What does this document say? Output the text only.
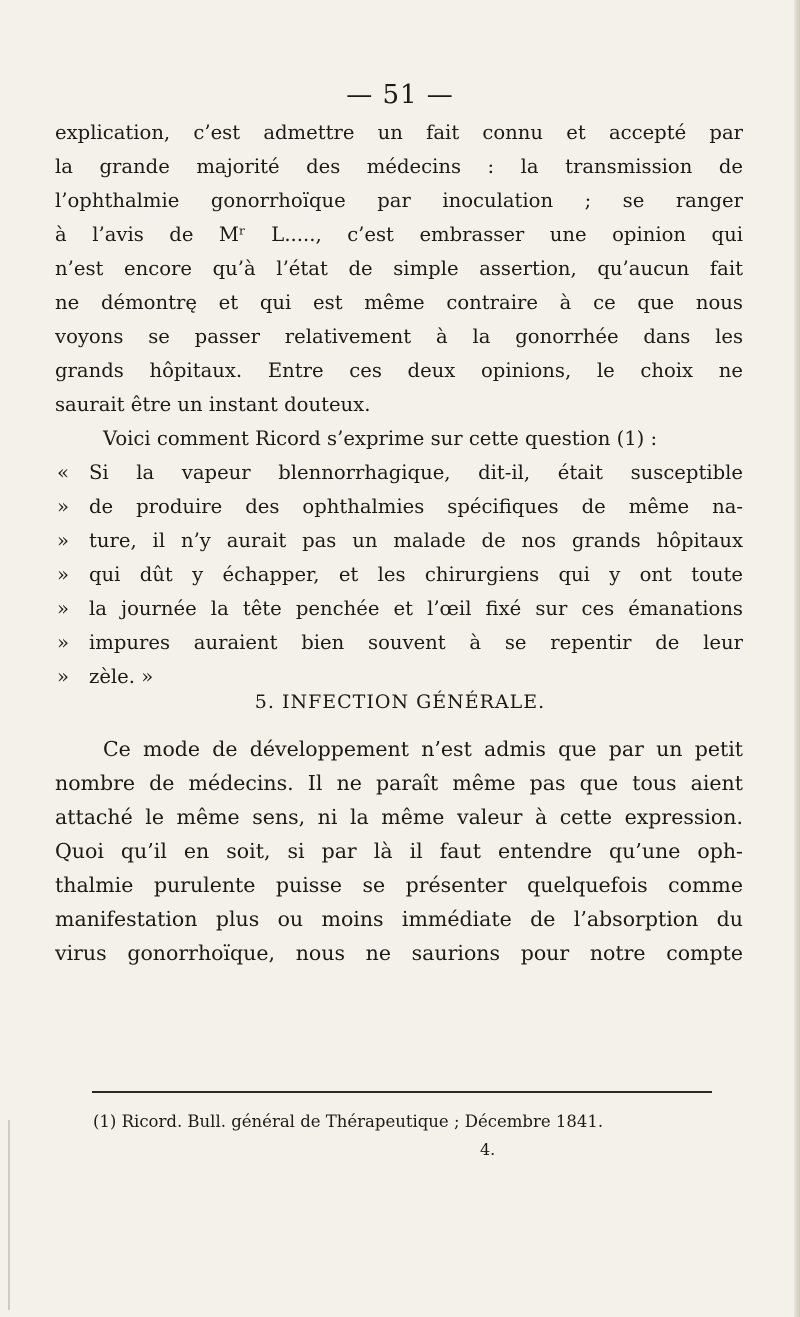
— 51 —
explication, c’est admettre un fait connu et accepté par
la grande majorité des médecins : la transmission de
l’ophthalmie gonorrhoïque par inoculation ; se ranger
à l’avis de Mʳ L....., c’est embrasser une opinion qui
n’est encore qu’à l’état de simple assertion, qu’aucun fait
ne démontrę et qui est même contraire à ce que nous
voyons se passer relativement à la gonorrhée dans les
grands hôpitaux. Entre ces deux opinions, le choix ne
saurait être un instant douteux.
Voici comment Ricord s’exprime sur cette question (1) :
« Si la vapeur blennorrhagique, dit-il, était susceptible
» de produire des ophthalmies spécifiques de même na-
» ture, il n’y aurait pas un malade de nos grands hôpitaux
» qui dût y échapper, et les chirurgiens qui y ont toute
» la journée la tête penchée et l’œil fixé sur ces émanations
» impures auraient bien souvent à se repentir de leur
» zèle. »
5. INFECTION GÉNÉRALE.
Ce mode de développement n’est admis que par un petit
nombre de médecins. Il ne paraît même pas que tous aient
attaché le même sens, ni la même valeur à cette expression.
Quoi qu’il en soit, si par là il faut entendre qu’une oph-
thalmie purulente puisse se présenter quelquefois comme
manifestation plus ou moins immédiate de l’absorption du
virus gonorrhoïque, nous ne saurions pour notre compte
(1) Ricord. Bull. général de Thérapeutique ; Décembre 1841.
4.
